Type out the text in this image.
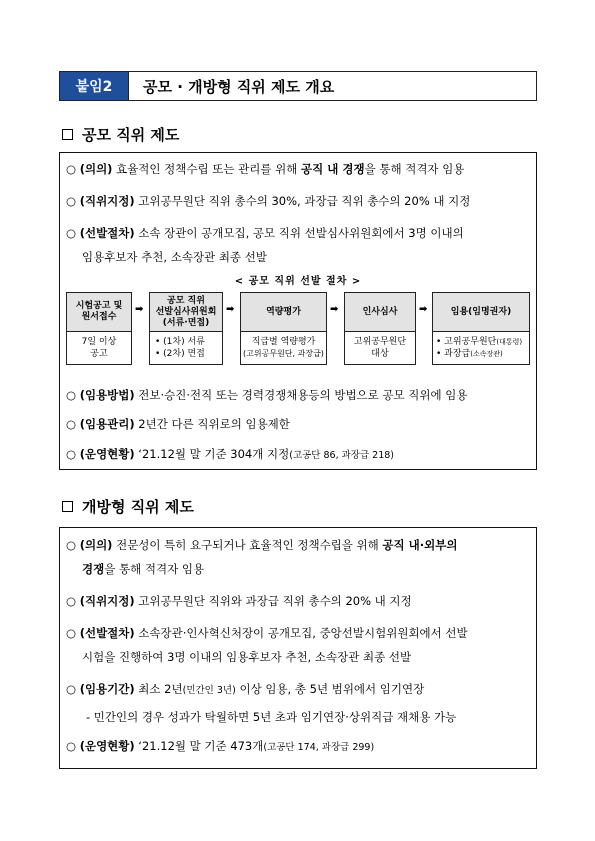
붙임2	공모 · 개방형 직위 제도 개요
공모 직위 제도
○ (의의) 효율적인 정책수립 또는 관리를 위해 공직 내 경쟁을 통해 적격자 임용
○ (직위지정) 고위공무원단 직위 총수의 30%, 과장급 직위 총수의 20% 내 지정
○ (선발절차) 소속 장관이 공개모집, 공모 직위 선발심사위원회에서 3명 이내의
임용후보자 추천, 소속장관 최종 선발
< 공모 직위 선발 절차 >
시험공고 및
원서접수
7일 이상
공고
➡
공모 직위
선발심사위원회
(서류·면접)
• (1차) 서류
• (2차) 면접
➡	역량평가
직급별 역량평가
(고위공무원단, 과장급)
➡	인사심사
고위공무원단
대상
➡	임용(임명권자)
• 고위공무원단(대통령)
• 과장급(소속장관)
○ (임용방법) 전보·승진·전직 또는 경력경쟁채용등의 방법으로 공모 직위에 임용
○ (임용관리) 2년간 다른 직위로의 임용제한
○ (운영현황) ‘21.12월 말 기준 304개 지정(고공단 86, 과장급 218)
개방형 직위 제도
○ (의의) 전문성이 특히 요구되거나 효율적인 정책수립을 위해 공직 내·외부의
경쟁을 통해 적격자 임용
○ (직위지정) 고위공무원단 직위와 과장급 직위 총수의 20% 내 지정
○ (선발절차) 소속장관·인사혁신처장이 공개모집, 중앙선발시험위원회에서 선발
시험을 진행하여 3명 이내의 임용후보자 추천, 소속장관 최종 선발
○ (임용기간) 최소 2년(민간인 3년) 이상 임용, 총 5년 범위에서 임기연장
- 민간인의 경우 성과가 탁월하면 5년 초과 임기연장·상위직급 재채용 가능
○ (운영현황) ‘21.12월 말 기준 473개(고공단 174, 과장급 299)
